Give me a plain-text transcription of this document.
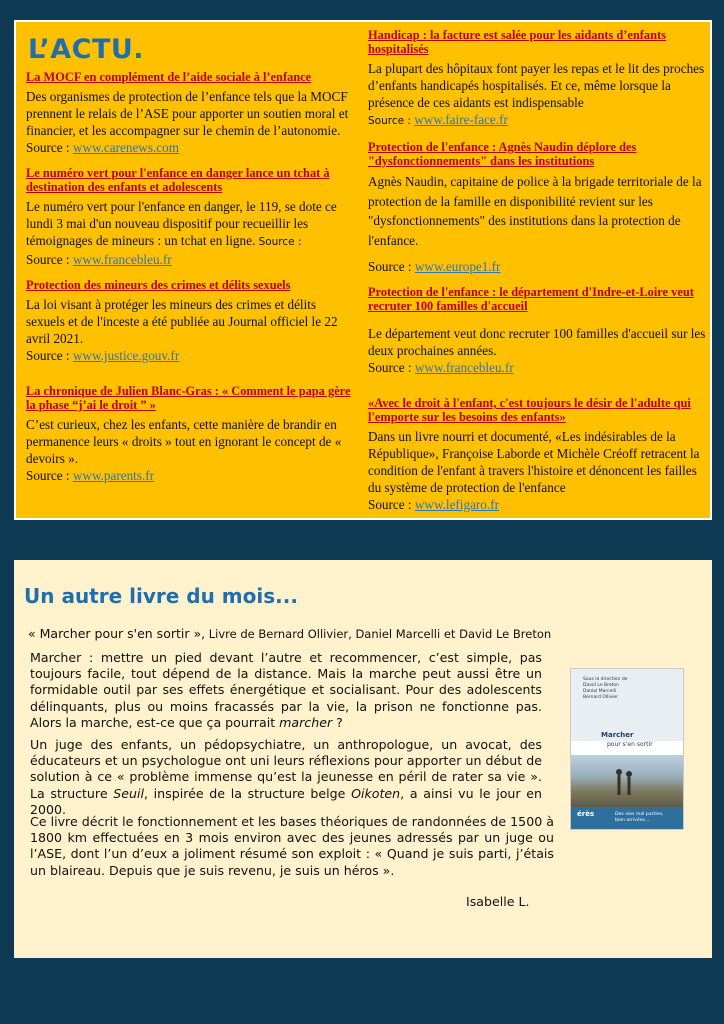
L’ACTU.
La MOCF en complément de l’aide sociale à l’enfance
Des organismes de protection de l’enfance tels que la MOCF prennent le relais de l’ASE pour apporter un soutien moral et financier, et les accompagner sur le chemin de l’autonomie.
Source : www.carenews.com
Le numéro vert pour l'enfance en danger lance un tchat à destination des enfants et adolescents
Le numéro vert pour l'enfance en danger, le 119, se dote ce lundi 3 mai d'un nouveau dispositif pour recueillir les témoignages de mineurs : un tchat en ligne. Source :
Source : www.francebleu.fr
Protection des mineurs des crimes et délits sexuels
La loi visant à protéger les mineurs des crimes et délits sexuels et de l'inceste a été publiée au Journal officiel le 22 avril 2021.
Source : www.justice.gouv.fr
La chronique de Julien Blanc-Gras : « Comment le papa gère la phase “j’ai le droit ” »
C’est curieux, chez les enfants, cette manière de brandir en permanence leurs « droits » tout en ignorant le concept de « devoirs ».
Source : www.parents.fr
Handicap : la facture est salée pour les aidants d’enfants hospitalisés
La plupart des hôpitaux font payer les repas et le lit des proches d’enfants handicapés hospitalisés. Et ce, même lorsque la présence de ces aidants est indispensable
Source : www.faire-face.fr
Protection de l'enfance : Agnès Naudin déplore des "dysfonctionnements" dans les institutions
Agnès Naudin, capitaine de police à la brigade territoriale de la protection de la famille en disponibilité revient sur les "dysfonctionnements" des institutions dans la protection de l'enfance.
Source : www.europe1.fr
Protection de l'enfance : le département d'Indre-et-Loire veut recruter 100 familles d'accueil
Le département veut donc recruter 100 familles d'accueil sur les deux prochaines années.
Source : www.francebleu.fr
«Avec le droit à l'enfant, c'est toujours le désir de l'adulte qui l'emporte sur les besoins des enfants»
Dans un livre nourri et documenté, «Les indésirables de la République», Françoise Laborde et Michèle Créoff retracent la condition de l'enfant à travers l'histoire et dénoncent les failles du système de protection de l'enfance
Source : www.lefigaro.fr
Un autre livre du mois...
« Marcher pour s'en sortir », Livre de Bernard Ollivier, Daniel Marcelli et David Le Breton

Marcher : mettre un pied devant l’autre et recommencer, c’est simple, pas toujours facile, tout dépend de la distance. Mais la marche peut aussi être un formidable outil par ses effets énergétique et socialisant. Pour des adolescents délinquants, plus ou moins fracassés par la vie, la prison ne fonctionne pas. Alors la marche, est-ce que ça pourrait marcher ?

Un juge des enfants, un pédopsychiatre, un anthropologue, un avocat, des éducateurs et un psychologue ont uni leurs réflexions pour apporter un début de solution à ce « problème immense qu’est la jeunesse en péril de rater sa vie ». La structure Seuil, inspirée de la structure belge Oikoten, a ainsi vu le jour en 2000.

Ce livre décrit le fonctionnement et les bases théoriques de randonnées de 1500 à 1800 km effectuées en 3 mois environ avec des jeunes adressés par un juge ou l’ASE, dont l’un d’eux a joliment résumé son exploit : « Quand je suis parti, j’étais un blaireau. Depuis que je suis revenu, je suis un héros ».
Isabelle L.
Sous la direction de
David Le Breton
Daniel Marcelli
Bernard Ollivier
Marcher
pour s'en sortir
érès	Des vies mal parties,
bien arrivées...
